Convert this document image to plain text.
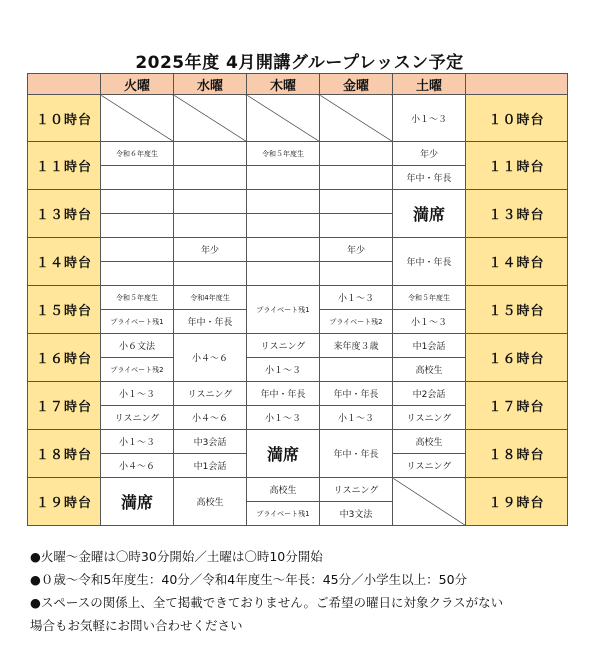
2025年度 4月開講グループレッスン予定
	火曜	水曜	木曜	金曜	土曜	
１０時台					小１～３	１０時台
１１時台	令和６年度生		令和５年度生		年少	１１時台
					年中・年長	
１３時台					満席	１３時台

１４時台		年少		年少	年中・年長	１４時台

１５時台	令和５年度生	令和4年度生	プライベート残1	小１～３	令和５年度生	１５時台
	プライベート残1	年中・年長		プライベート残2	小１～３	
１６時台	小６文法	小４～６	リスニング	来年度３歳	中1会話	１６時台
	プライベート残2		小１～３		高校生	
１７時台	小１～３	リスニング	年中・年長	年中・年長	中2会話	１７時台
	リスニング	小４～６	小１～３	小１～３	リスニング	
１８時台	小１～３	中3会話	満席	年中・年長	高校生	１８時台
	小４～６	中1会話			リスニング	
１９時台	満席	高校生	高校生	リスニング		１９時台
			プライベート残1	中3文法		
●火曜～金曜は〇時30分開始／土曜は〇時10分開始
●０歳～令和5年度生：40分／令和4年度生～年長：45分／小学生以上：50分
●スペースの関係上、全て掲載できておりません。ご希望の曜日に対象クラスがない
場合もお気軽にお問い合わせください
